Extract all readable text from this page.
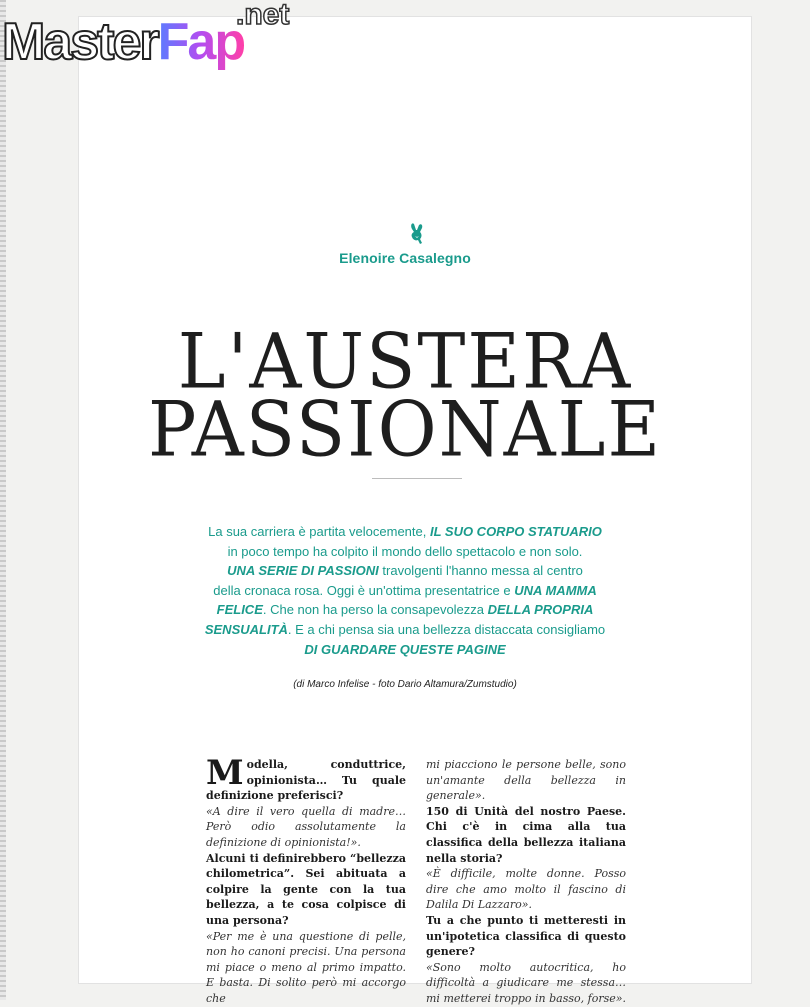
MasterFap
.net
Elenoire Casalegno
L'AUSTERA
PASSIONALE
La sua carriera è partita velocemente, IL SUO CORPO STATUARIO
in poco tempo ha colpito il mondo dello spettacolo e non solo.
UNA SERIE DI PASSIONI travolgenti l'hanno messa al centro
della cronaca rosa. Oggi è un'ottima presentatrice e UNA MAMMA
FELICE. Che non ha perso la consapevolezza DELLA PROPRIA
SENSUALITÀ. E a chi pensa sia una bellezza distaccata consigliamo
DI GUARDARE QUESTE PAGINE
(di Marco Infelise - foto Dario Altamura/Zumstudio)

Modella, conduttrice, opinionista… Tu quale definizione preferisci?

«A dire il vero quella di madre… Però odio assolutamente la definizione di opinionista!».

Alcuni ti definirebbero “bellezza chilometrica”. Sei abituata a colpire la gente con la tua bellezza, a te cosa colpisce di una persona?

«Per me è una questione di pelle, non ho canoni precisi. Una persona mi piace o meno al primo impatto. E basta. Di solito però mi accorgo che

mi piacciono le persone belle, sono un'amante della bellezza in generale».

150 di Unità del nostro Paese. Chi c'è in cima alla tua classifica della bellezza italiana nella storia?

«È difficile, molte donne. Posso dire che amo molto il fascino di Dalila Di Lazzaro».

Tu a che punto ti metteresti in un'ipotetica classifica di questo genere?

«Sono molto autocritica, ho difficoltà a giudicare me stessa… mi metterei troppo in basso, forse».
